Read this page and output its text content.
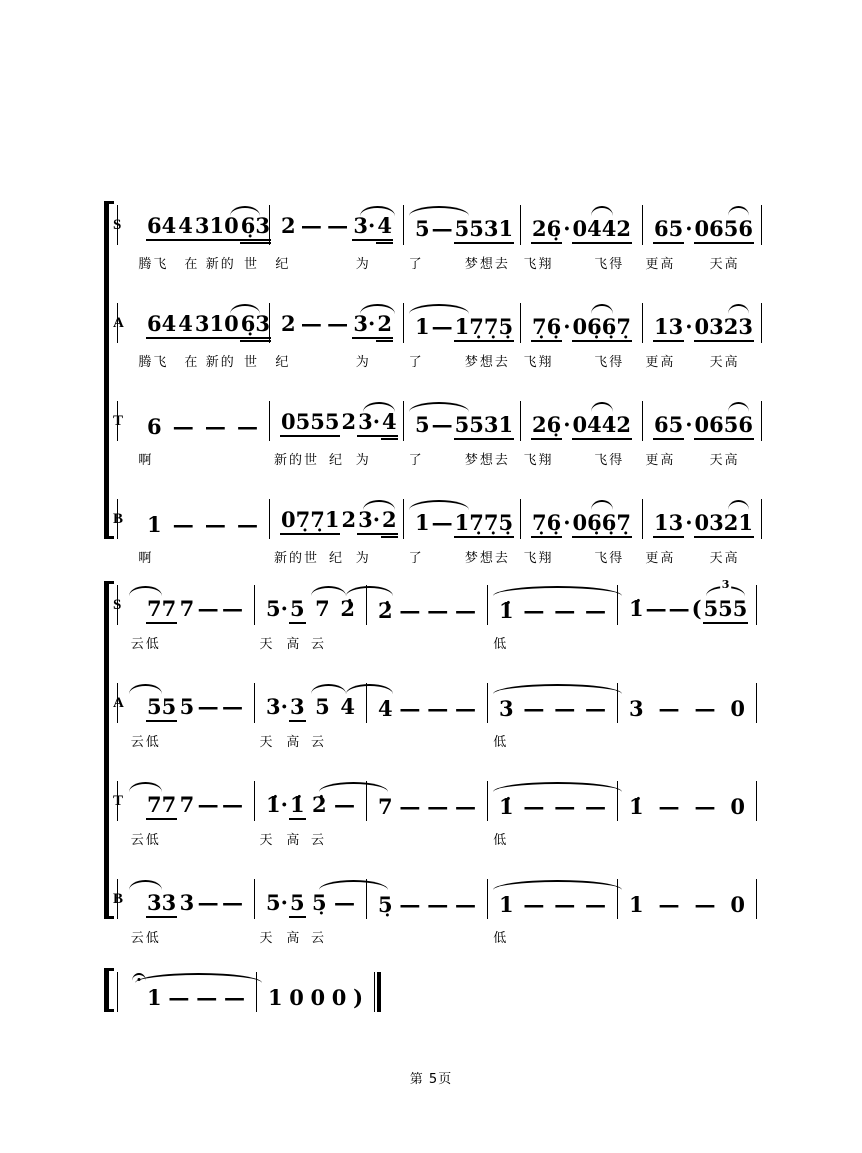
S 64 4 3106̣3 2 — — 3·4 5 — 5531 26̣· 0442 65· 0656
腾飞 在 新的 世 纪	为	了	梦想去 飞翔	飞得 更高	天高
A 64 4 3106̣3 2 — — 3·2 1 — 17̣7̣5̣ 7̣6̣· 06̣6̣7̣ 13· 0323
腾飞 在 新的 世 纪	为	了	梦想去 飞翔	飞得 更高	天高
T 6 — — — 0555 2 3·4 5 — 5531 26̣· 0442 65· 0656
啊	新的世 纪 为	了	梦想去 飞翔	飞得 更高	天高
B 1 — — — 07̣7̣1 2 3·2 1 — 17̣7̣5̣ 7̣6̣· 06̣6̣7̣ 13· 0321
啊	新的世 纪 为	了	梦想去 飞翔	飞得 更高	天高
S 77 7 — — 5·5 7 2̇ 2̇ — — — 1̇ — — — 1̇ — — (555
3
云低	天 高 云	低
A 55 5 — — 3·3 5 4 4 — — — 3 — — — 3 — — 0
云低	天 高 云	低
T 77 7 — — 1̇·1̇ 2̇ — 7 — — — 1̇ — — — 1̇ — — 0
云低	天 高 云	低
B 33 3 — — 5·5 5̣ — 5̣ — — — 1 — — — 1 — — 0
云低	天 高 云	低
1 — — — 1 0 0 0 )
第 5页
